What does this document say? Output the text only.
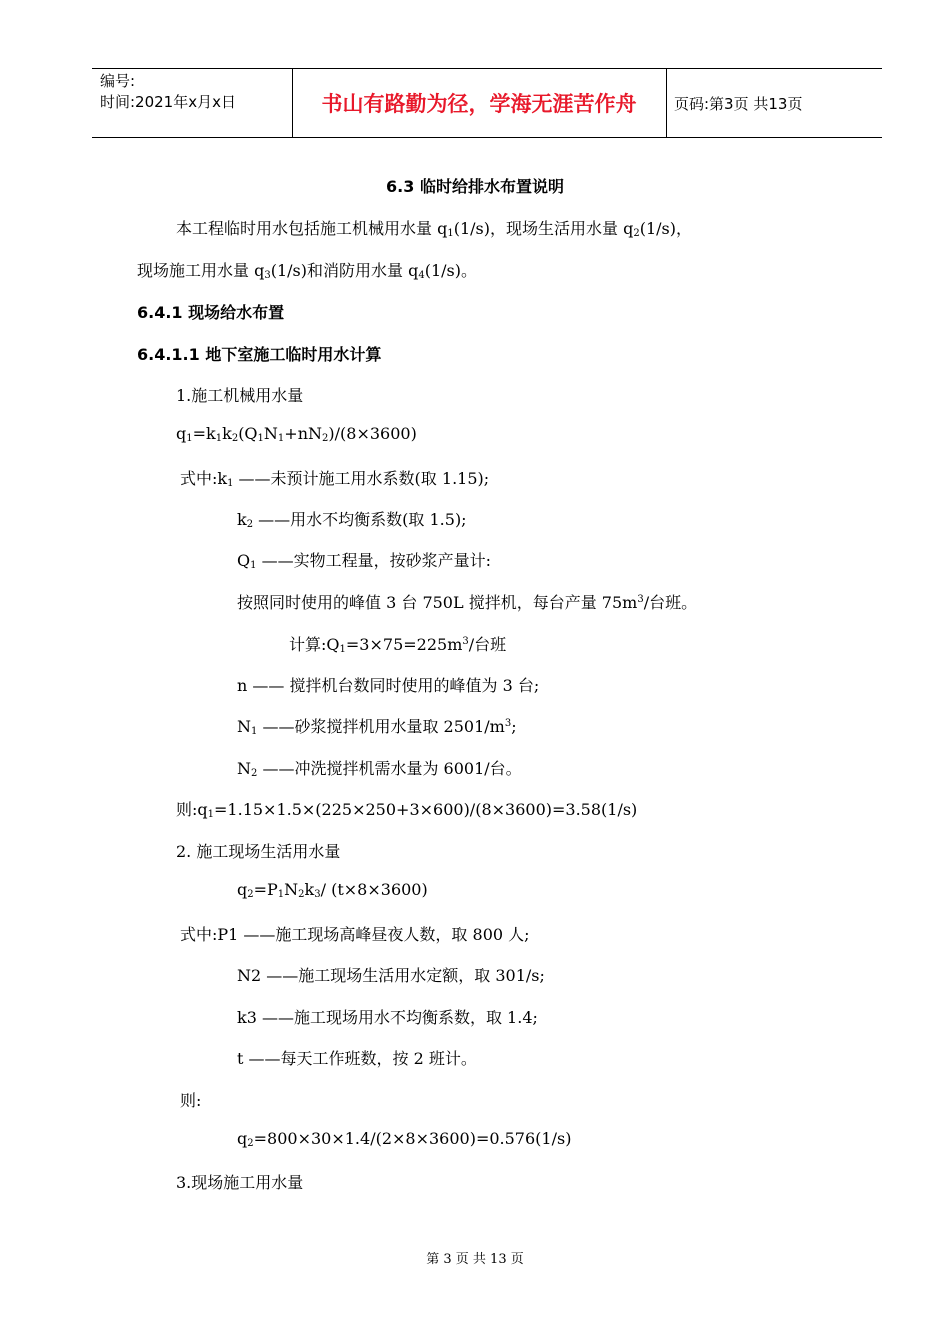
编号:
时间:2021年x月x日	书山有路勤为径，学海无涯苦作舟	页码:第3页 共13页
6.3 临时给排水布置说明
本工程临时用水包括施工机械用水量 $q_1(1/s)$，现场生活用水量 $q_2(1/s)$，
现场施工用水量 $q_3(1/s)$和消防用水量 $q_4(1/s)$。
6.4.1 现场给水布置
6.4.1.1 地下室施工临时用水计算
1.施工机械用水量
$q_1=k_1k_2(Q_1N_1+nN_2)/(8\times 3600)$
式中$:k_1$ ——未预计施工用水系数(取 1.15);
$k_2$ ——用水不均衡系数(取 1.5);
$Q_1$ ——实物工程量，按砂浆产量计:
按照同时使用的峰值 3 台 750L 搅拌机，每台产量 $75m^3/$台班。
计算$:Q_1=3\times 75=225m^3/$台班
n —— 搅拌机台数同时使用的峰值为 3 台;
$N_1$ ——砂浆搅拌机用水量取 $2501/m^3$;
$N_2$ ——冲洗搅拌机需水量为 6001/台。
则$:q_1=1.15\times 1.5\times(225\times 250+3\times 600)/(8\times 3600)=3.58(1/s)$
2. 施工现场生活用水量
$q_2=P_1N_2k_3/$ (t×8×3600)
式中:P1 ——施工现场高峰昼夜人数，取 800 人;
N2 ——施工现场生活用水定额，取 301/s;
k3 ——施工现场用水不均衡系数，取 1.4;
t ——每天工作班数，按 2 班计。
则:
$q_2=800\times 30\times 1.4/(2\times 8\times 3600)=0.576(1/s)$
3.现场施工用水量
第 3 页 共 13 页
